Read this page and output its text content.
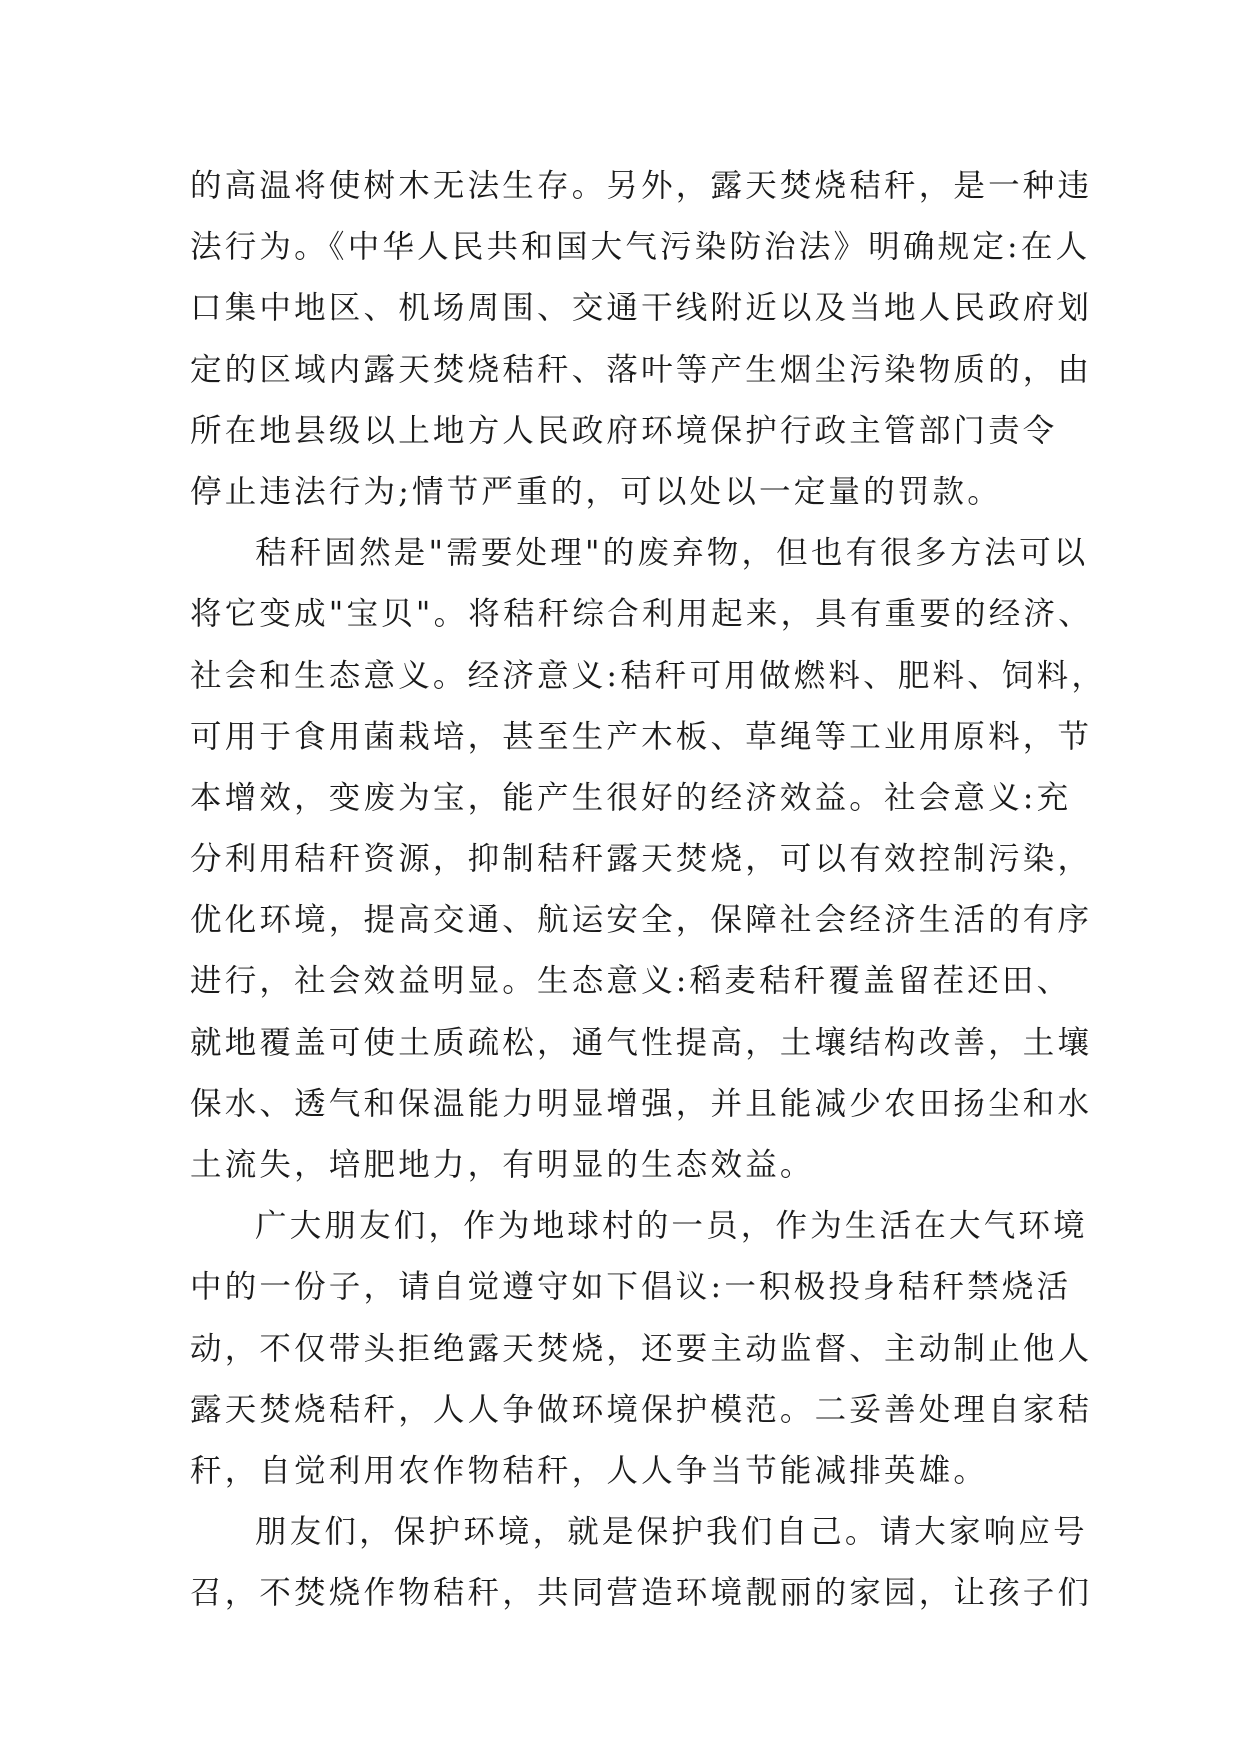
的高温将使树木无法生存。另外，露天焚烧秸秆，是一种违
法行为。《中华人民共和国大气污染防治法》明确规定:在人
口集中地区、机场周围、交通干线附近以及当地人民政府划
定的区域内露天焚烧秸秆、落叶等产生烟尘污染物质的，由
所在地县级以上地方人民政府环境保护行政主管部门责令
停止违法行为;情节严重的，可以处以一定量的罚款。
秸秆固然是"需要处理"的废弃物，但也有很多方法可以
将它变成"宝贝"。将秸秆综合利用起来，具有重要的经济、
社会和生态意义。经济意义:秸秆可用做燃料、肥料、饲料，
可用于食用菌栽培，甚至生产木板、草绳等工业用原料，节
本增效，变废为宝，能产生很好的经济效益。社会意义:充
分利用秸秆资源，抑制秸秆露天焚烧，可以有效控制污染，
优化环境，提高交通、航运安全，保障社会经济生活的有序
进行，社会效益明显。生态意义:稻麦秸秆覆盖留茬还田、
就地覆盖可使土质疏松，通气性提高，土壤结构改善，土壤
保水、透气和保温能力明显增强，并且能减少农田扬尘和水
土流失，培肥地力，有明显的生态效益。
广大朋友们，作为地球村的一员，作为生活在大气环境
中的一份子，请自觉遵守如下倡议:一积极投身秸秆禁烧活
动，不仅带头拒绝露天焚烧，还要主动监督、主动制止他人
露天焚烧秸秆，人人争做环境保护模范。二妥善处理自家秸
秆，自觉利用农作物秸秆，人人争当节能减排英雄。
朋友们，保护环境，就是保护我们自己。请大家响应号
召，不焚烧作物秸秆，共同营造环境靓丽的家园，让孩子们
